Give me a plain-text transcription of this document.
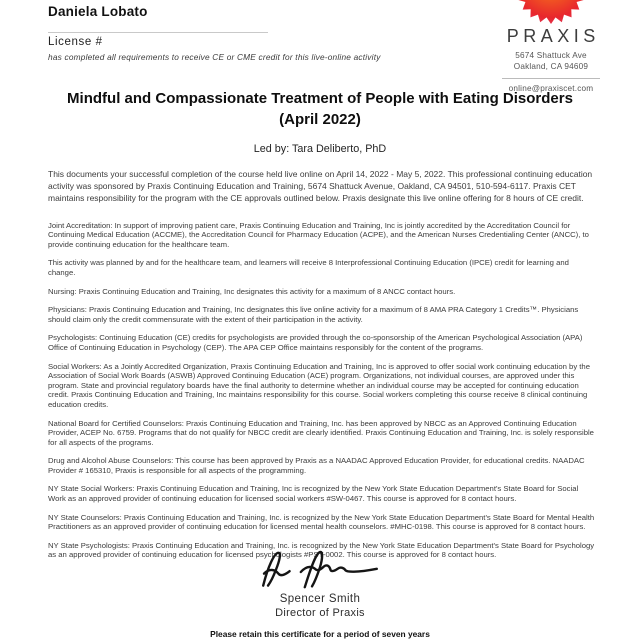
Daniela Lobato
License #
has completed all requirements to receive CE or CME credit for this live-online activity
PRAXIS
5674 Shattuck Ave
Oakland, CA 94609
online@praxiscet.com
Mindful and Compassionate Treatment of People with Eating Disorders
(April 2022)
Led by: Tara Deliberto, PhD

This documents your successful completion of the course held live online on April 14, 2022 - May 5, 2022. This professional continuing education activity was sponsored by Praxis Continuing Education and Training, 5674 Shattuck Avenue, Oakland, CA 94501, 510-594-6117. Praxis CET maintains responsibility for the program with the CE approvals outlined below. Praxis designate this live online offering for 8 hours of CE credit.

Joint Accreditation: In support of improving patient care, Praxis Continuing Education and Training, Inc is jointly accredited by the Accreditation Council for Continuing Medical Education (ACCME), the Accreditation Council for Pharmacy Education (ACPE), and the American Nurses Credentialing Center (ANCC), to provide continuing education for the healthcare team.

This activity was planned by and for the healthcare team, and learners will receive 8 Interprofessional Continuing Education (IPCE) credit for learning and change.

Nursing: Praxis Continuing Education and Training, Inc designates this activity for a maximum of 8 ANCC contact hours.

Physicians: Praxis Continuing Education and Training, Inc designates this live online activity for a maximum of 8 AMA PRA Category 1 Credits™. Physicians should claim only the credit commensurate with the extent of their participation in the activity.

Psychologists: Continuing Education (CE) credits for psychologists are provided through the co-sponsorship of the American Psychological Association (APA) Office of Continuing Education in Psychology (CEP). The APA CEP Office maintains responsibly for the content of the programs.

Social Workers: As a Jointly Accredited Organization, Praxis Continuing Education and Training, Inc is approved to offer social work continuing education by the Association of Social Work Boards (ASWB) Approved Continuing Education (ACE) program. Organizations, not individual courses, are approved under this program. State and provincial regulatory boards have the final authority to determine whether an individual course may be accepted for continuing education credit. Praxis Continuing Education and Training, Inc maintains responsibility for this course. Social workers completing this course receive 8 clinical continuing education credits.

National Board for Certified Counselors: Praxis Continuing Education and Training, Inc. has been approved by NBCC as an Approved Continuing Education Provider, ACEP No. 6759. Programs that do not qualify for NBCC credit are clearly identified. Praxis Continuing Education and Training, Inc. is solely responsible for all aspects of the programs.

Drug and Alcohol Abuse Counselors: This course has been approved by Praxis as a NAADAC Approved Education Provider, for educational credits. NAADAC Provider # 165310, Praxis is responsible for all aspects of the programming.

NY State Social Workers: Praxis Continuing Education and Training, Inc is recognized by the New York State Education Department's State Board for Social Work as an approved provider of continuing education for licensed social workers #SW-0467. This course is approved for 8 contact hours.

NY State Counselors: Praxis Continuing Education and Training, Inc. is recognized by the New York State Education Department's State Board for Mental Health Practitioners as an approved provider of continuing education for licensed mental health counselors. #MHC-0198. This course is approved for 8 contact hours.

NY State Psychologists: Praxis Continuing Education and Training, Inc. is recognized by the New York State Education Department's State Board for Psychology as an approved provider of continuing education for licensed psychologists #PSY-0002. This course is approved for 8 contact hours.

Spencer Smith
Director of Praxis
Please retain this certificate for a period of seven years
